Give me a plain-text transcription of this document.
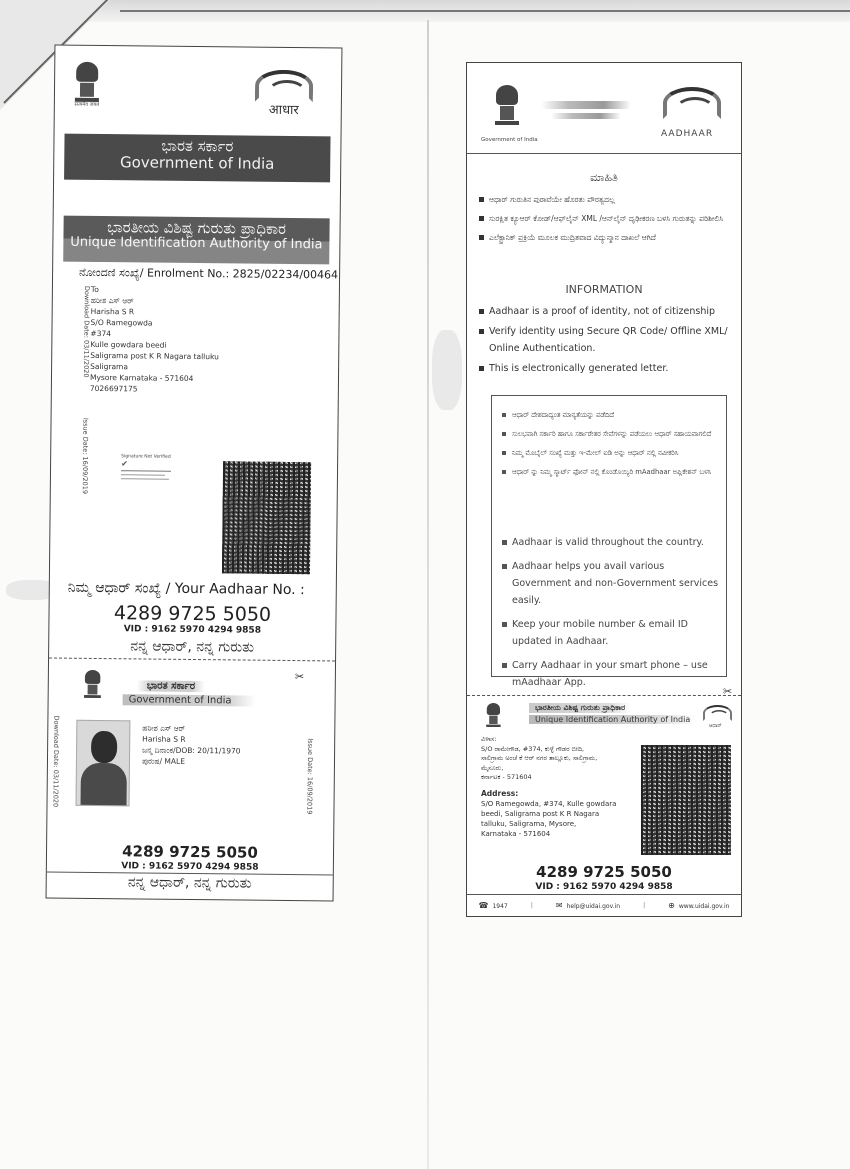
सत्यमेव जयते	आधार
ಭಾರತ ಸರ್ಕಾರ
Government of India
ಭಾರತೀಯ ವಿಶಿಷ್ಟ ಗುರುತು ಪ್ರಾಧಿಕಾರ
Unique Identification Authority of India
ನೋಂದಣಿ ಸಂಖ್ಯೆ/ Enrolment No.: 2825/02234/00464
Download Date: 03/11/2020
Issue Date: 16/09/2019
To
ಹರೀಶ ಎಸ್ ಆರ್
Harisha S R
S/O Ramegowda
#374
Kulle gowdara beedi
Saligrama post K R Nagara talluku
Saligrama
Mysore Karnataka - 571604
7026697175
Signature Not Verified
✔
ನಿಮ್ಮ ಆಧಾರ್ ಸಂಖ್ಯೆ / Your Aadhaar No. :
4289 9725 5050
VID : 9162 5970 4294 9858
ನನ್ನ ಆಧಾರ್, ನನ್ನ ಗುರುತು
✂
ಭಾರತ ಸರ್ಕಾರ
Government of India
Download Date: 03/11/2020	Issue Date: 16/09/2019
ಹರೀಶ ಎಸ್ ಆರ್
Harisha S R
ಜನ್ಮ ದಿನಾಂಕ/DOB: 20/11/1970
ಪುರುಷ/ MALE
4289 9725 5050
VID : 9162 5970 4294 9858
ನನ್ನ ಆಧಾರ್, ನನ್ನ ಗುರುತು
Government of India
AADHAAR
ಮಾಹಿತಿ
ಆಧಾರ್ ಗುರುತಿನ ಪುರಾವೆಯೇ ಹೊರತು ಪೌರತ್ವದಲ್ಲ
ಸುರಕ್ಷಿತ ಕ್ಯೂಆರ್ ಕೋಡ್/ಆಫ್‌ಲೈನ್ XML /ಆನ್‌ಲೈನ್ ದೃಢೀಕರಣ ಬಳಸಿ ಗುರುತನ್ನು ಪರಿಶೀಲಿಸಿ
ಎಲೆಕ್ಟ್ರಾನಿಕ್ ಪ್ರಕ್ರಿಯೆ ಮೂಲಕ ಮುದ್ರಿತವಾದ ವಿದ್ಯುನ್ಮಾನ ದಾಖಲೆ ಆಗಿದೆ
INFORMATION
Aadhaar is a proof of identity, not of citizenship
Verify identity using Secure QR Code/ Offline XML/ Online Authentication.
This is electronically generated letter.
ಆಧಾರ್ ದೇಶದಾದ್ಯಂತ ಮಾನ್ಯತೆಯನ್ನು ಪಡೆದಿದೆ
ಸುಲಭವಾಗಿ ಸರ್ಕಾರಿ ಹಾಗೂ ಸರ್ಕಾರೇತರ ಸೇವೆಗಳನ್ನು ಪಡೆಯಲು ಆಧಾರ್ ಸಹಾಯವಾಗಲಿದೆ
ನಿಮ್ಮ ಮೊಬೈಲ್ ಸಂಖ್ಯೆ ಮತ್ತು ಇ-ಮೇಲ್ ಐಡಿ ಅನ್ನು ಆಧಾರ್ ನಲ್ಲಿ ನವೀಕರಿಸಿ
ಆಧಾರ್ ನ್ನು ನಿಮ್ಮ ಸ್ಮಾರ್ಟ್ ಫೋನ್ ನಲ್ಲಿ ಕೊಂಡೊಯ್ಯಿರಿ mAadhaar ಅಪ್ಲಿಕೇಶನ್ ಬಳಸಿ
Aadhaar is valid throughout the country.
Aadhaar helps you avail various Government and non-Government services easily.
Keep your mobile number & email ID updated in Aadhaar.
Carry Aadhaar in your smart phone – use mAadhaar App.
✂
ಭಾರತೀಯ ವಿಶಿಷ್ಟ ಗುರುತು ಪ್ರಾಧಿಕಾರ
Unique Identification Authority of India
ಆಧಾರ್
ವಿಳಾಸ:
S/O ರಾಮೇಗೌಡ, #374, ಕುಳ್ಳೆ ಗೌಡರ ಬೀದಿ,
ಸಾಲಿಗ್ರಾಮ ಅಂಚೆ ಕೆ ಆರ್ ನಗರ ತಾಲ್ಲೂಕು, ಸಾಲಿಗ್ರಾಮ,
ಮೈಸೂರು,
ಕರ್ನಾಟಕ - 571604
Address:
S/O Ramegowda, #374, Kulle gowdara
beedi, Saligrama post K R Nagara
talluku, Saligrama, Mysore,
Karnataka - 571604
4289 9725 5050
VID : 9162 5970 4294 9858
☎ 1947	|	✉ help@uidai.gov.in	|	⊕ www.uidai.gov.in
